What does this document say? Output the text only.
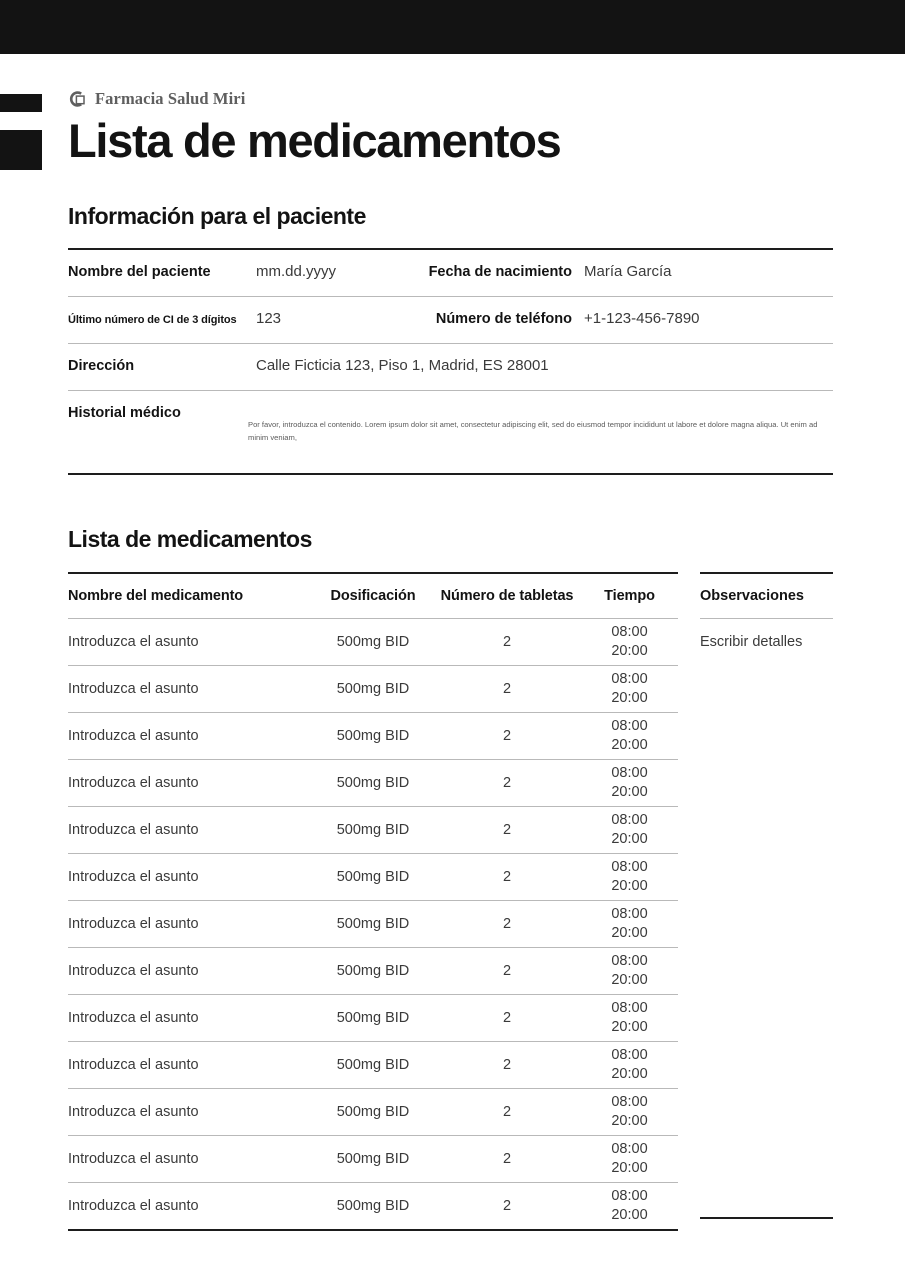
Farmacia Salud Miri
Lista de medicamentos
Información para el paciente
Nombre del paciente	mm.dd.yyyy	Fecha de nacimiento María García
Último número de CI de 3 dígitos 123	Número de teléfono +1-123-456-7890
Dirección	Calle Ficticia 123, Piso 1, Madrid, ES 28001
Historial médico
Por favor, introduzca el contenido. Lorem ipsum dolor sit amet, consectetur adipiscing elit, sed do eiusmod tempor incididunt ut labore et dolore magna aliqua. Ut enim ad minim veniam,
Lista de medicamentos
Nombre del medicamento	Dosificación	Número de tabletas	Tiempo
Introduzca el asunto	500mg BID	2
08:00
20:00
Introduzca el asunto	500mg BID	2
08:00
20:00
Introduzca el asunto	500mg BID	2
08:00
20:00
Introduzca el asunto	500mg BID	2
08:00
20:00
Introduzca el asunto	500mg BID	2
08:00
20:00
Introduzca el asunto	500mg BID	2
08:00
20:00
Introduzca el asunto	500mg BID	2
08:00
20:00
Introduzca el asunto	500mg BID	2
08:00
20:00
Introduzca el asunto	500mg BID	2
08:00
20:00
Introduzca el asunto	500mg BID	2
08:00
20:00
Introduzca el asunto	500mg BID	2
08:00
20:00
Introduzca el asunto	500mg BID	2
08:00
20:00
Introduzca el asunto	500mg BID	2
08:00
20:00
Observaciones
Escribir detalles
